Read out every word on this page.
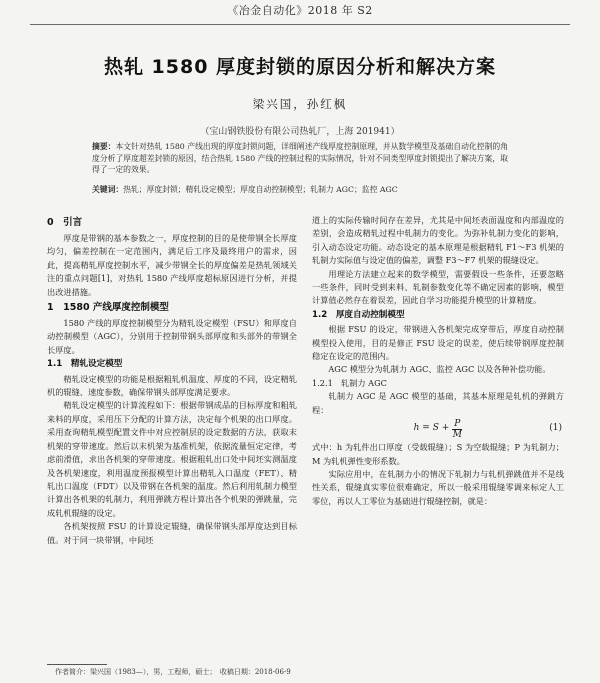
《冶金自动化》2018 年 S2
热轧 1580 厚度封锁的原因分析和解决方案
梁兴国，孙红枫
（宝山钢铁股份有限公司热轧厂，上海 201941）
摘要：本文针对热轧 1580 产线出现的厚度封锁问题，详细阐述产线厚度控制原理，并从数学模型及基础自动化控制的角度分析了厚度超差封锁的原因，结合热轧 1580 产线的控制过程的实际情况，针对不同类型厚度封锁提出了解决方案，取得了一定的效果。
关键词：热轧；厚度封锁；精轧设定模型；厚度自动控制模型；轧制力 AGC；监控 AGC
0　引言

厚度是带钢的基本参数之一，厚度控制的目的是使带钢全长厚度均匀，偏差控制在一定范围内，满足后工序及最终用户的需求，因此，提高精轧厚度控制水平，减少带钢全长的厚度偏差是热轧领域关注的重点问题[1]，对热轧 1580 产线厚度超标原因进行分析，并提出改进措施。

1　1580 产线厚度控制模型

1580 产线的厚度控制模型分为精轧设定模型（FSU）和厚度自动控制模型（AGC），分别用于控制带钢头部厚度和头部外的带钢全长厚度。

1.1　精轧设定模型

精轧设定模型的功能是根据粗轧机温度、厚度的不同，设定精轧机的辊缝、速度参数，确保带钢头部厚度满足要求。

精轧设定模型的计算流程如下：根据带钢成品的目标厚度和粗轧来料的厚度，采用压下分配的计算方法，决定每个机架的出口厚度。采用查询精轧模型配置文件中对应控制层的设定数据的方法，获取末机架的穿带速度。然后以末机架为基准机架，依据流量恒定定律，考虑前滑值，求出各机架的穿带速度。根据粗轧出口处中间坯实测温度及各机架速度，利用温度预报模型计算出精轧入口温度（FET）、精轧出口温度（FDT）以及带钢在各机架的温度。然后利用轧制力模型计算出各机架的轧制力，利用弹跳方程计算出各个机架的弹跳量，完成轧机辊缝的设定。

各机架按照 FSU 的计算设定辊缝，确保带钢头部厚度达到目标值。对于同一块带钢，中间坯

道上的实际传输时间存在差异，尤其是中间坯表面温度和内部温度的差别，会造成精轧过程中轧制力的变化。为弥补轧制力变化的影响，引入动态设定功能。动态设定的基本原理是根据精轧 F1～F3 机架的轧制力实际值与设定值的偏差，调整 F3～F7 机架的辊缝设定。

用理论方法建立起来的数学模型，需要假设一些条件，还要忽略一些条件，同时受到来料、轧制参数变化等不确定因素的影响，模型计算值必然存在着误差，因此自学习功能提升模型的计算精度。

1.2　厚度自动控制模型

根据 FSU 的设定，带钢进入各机架完成穿带后，厚度自动控制模型投入使用，目的是修正 FSU 设定的误差，使后续带钢厚度控制稳定在设定的范围内。

AGC 模型分为轧制力 AGC、监控 AGC 以及各种补偿功能。

1.2.1　轧制力 AGC

轧制力 AGC 是 AGC 模型的基础，其基本原理是轧机的弹跳方程：

$h = S + \frac{P}{M}$	(1)

式中：h 为轧件出口厚度（受载辊缝）；S 为空载辊缝；P 为轧制力；M 为轧机弹性变形系数。

实际应用中，在轧制力小的情况下轧制力与轧机弹跳值并不是线性关系，辊缝真实零位很难确定，所以一般采用辊缝零调来标定人工零位，再以人工零位为基础进行辊缝控制，就是：

作者简介：梁兴国（1983—），男，工程师，硕士；　收稿日期：2018-06-9
